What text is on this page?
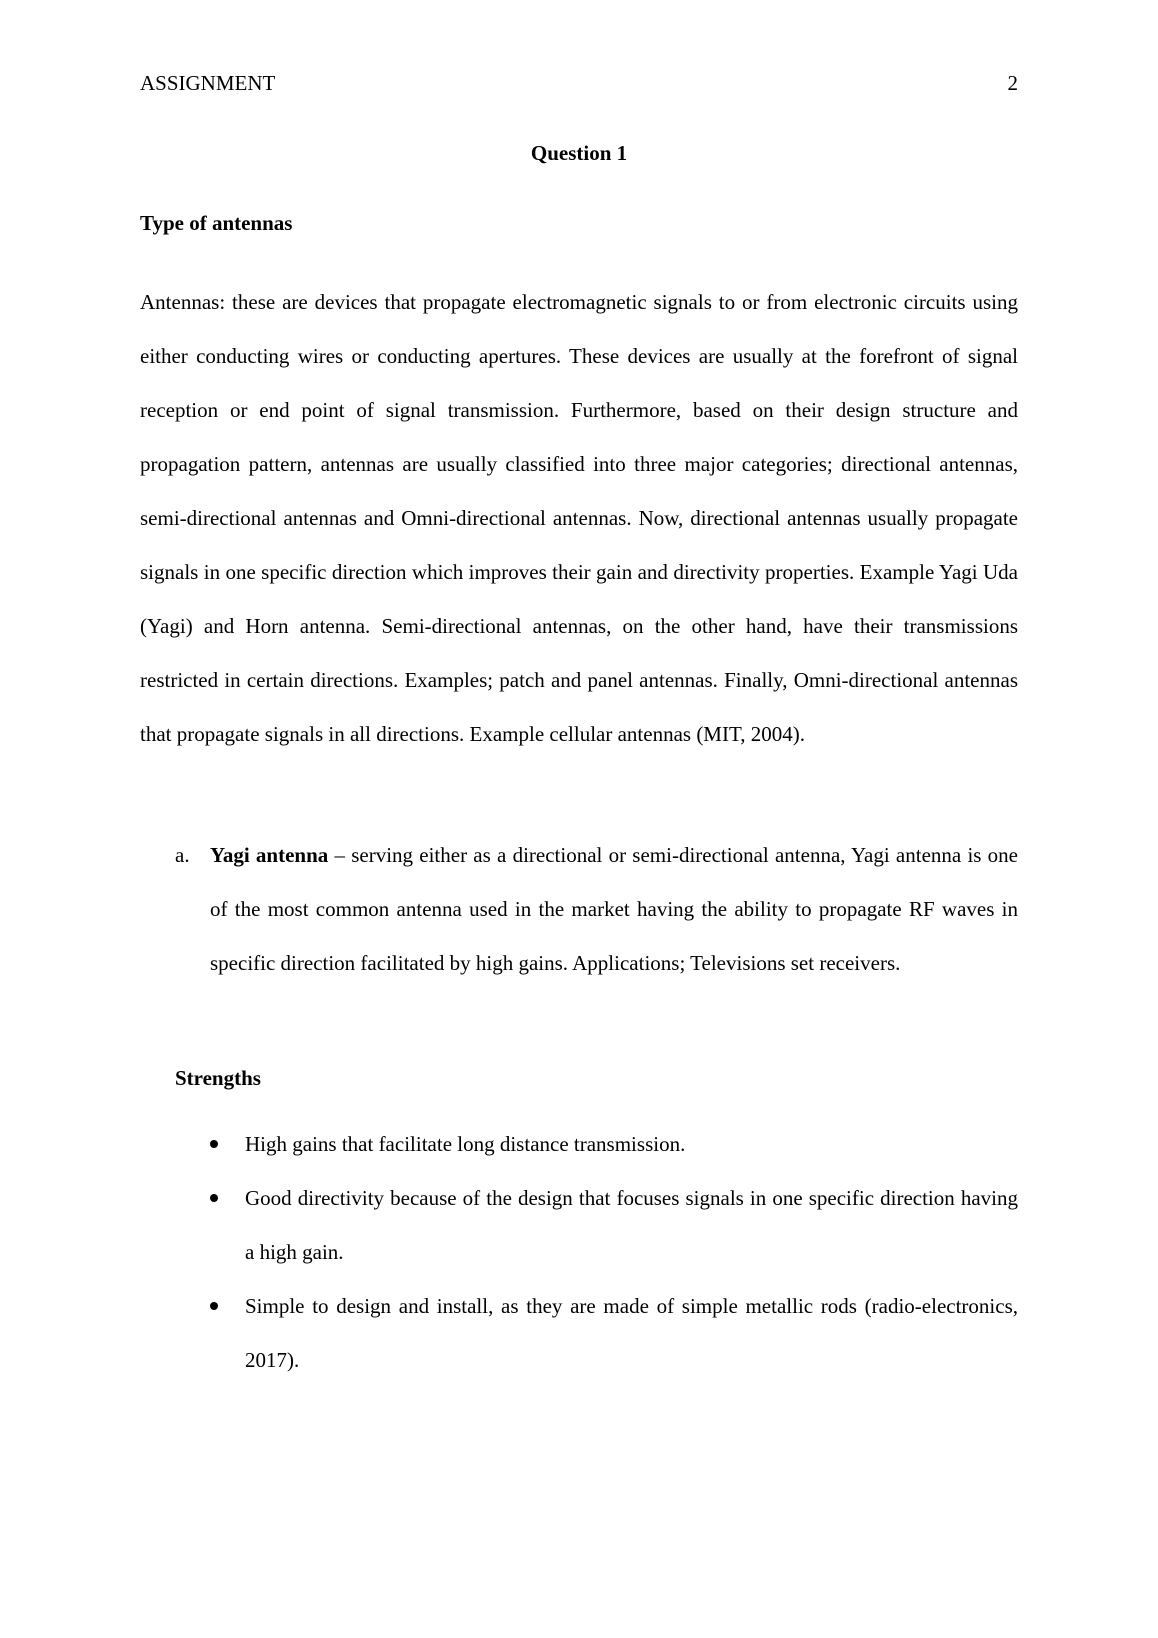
ASSIGNMENT	2
Question 1
Type of antennas

Antennas: these are devices that propagate electromagnetic signals to or from electronic circuits using either conducting wires or conducting apertures. These devices are usually at the forefront of signal reception or end point of signal transmission. Furthermore, based on their design structure and propagation pattern, antennas are usually classified into three major categories; directional antennas, semi-directional antennas and Omni-directional antennas. Now, directional antennas usually propagate signals in one specific direction which improves their gain and directivity properties. Example Yagi Uda (Yagi) and Horn antenna. Semi-directional antennas, on the other hand, have their transmissions restricted in certain directions. Examples; patch and panel antennas. Finally, Omni-directional antennas that propagate signals in all directions. Example cellular antennas (MIT, 2004).

a. Yagi antenna – serving either as a directional or semi-directional antenna, Yagi antenna is one of the most common antenna used in the market having the ability to propagate RF waves in specific direction facilitated by high gains. Applications; Televisions set receivers.
Strengths
High gains that facilitate long distance transmission.
Good directivity because of the design that focuses signals in one specific direction having a high gain.
Simple to design and install, as they are made of simple metallic rods (radio-electronics, 2017).
